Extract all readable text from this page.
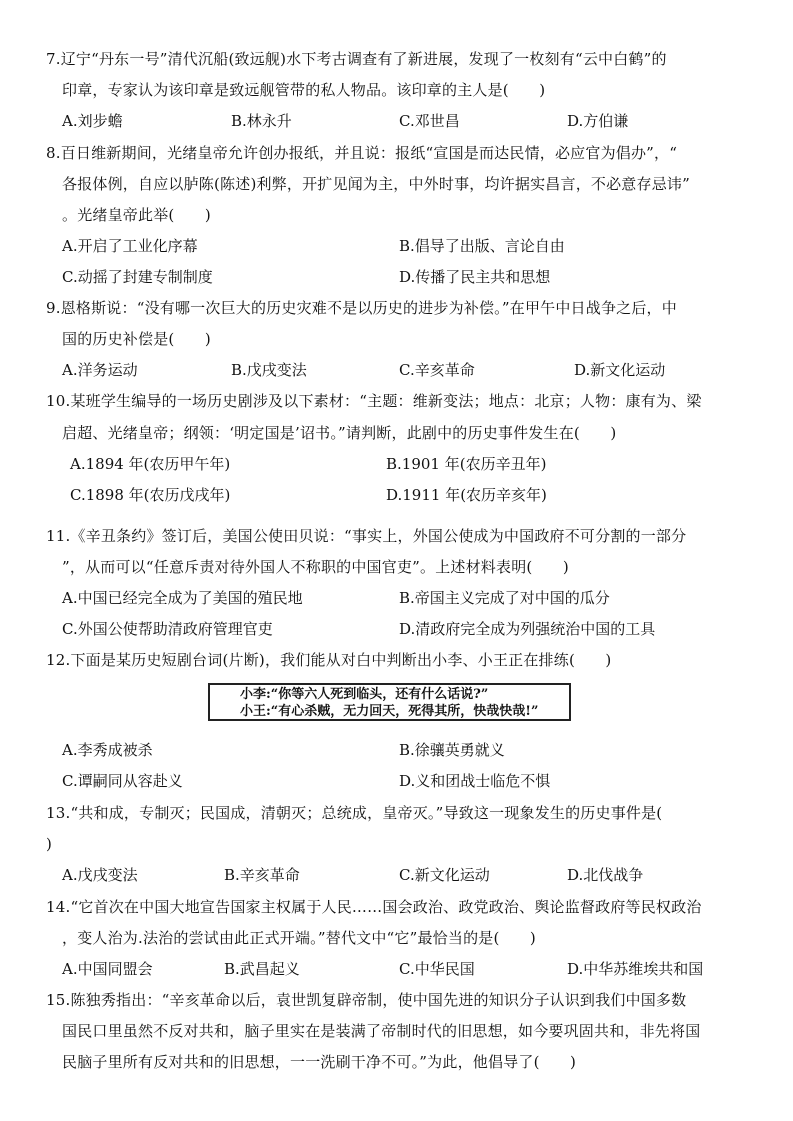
7.辽宁“丹东一号”清代沉船(致远舰)水下考古调查有了新进展，发现了一枚刻有“云中白鹤”的
印章，专家认为该印章是致远舰管带的私人物品。该印章的主人是(　　)
A.刘步蟾	B.林永升	C.邓世昌	D.方伯谦
8.百日维新期间，光绪皇帝允许创办报纸，并且说：报纸“宣国是而达民情，必应官为倡办”，“
各报体例，自应以胪陈(陈述)利弊，开扩见闻为主，中外时事，均许据实昌言，不必意存忌讳”
。光绪皇帝此举(　　)
A.开启了工业化序幕	B.倡导了出版、言论自由
C.动摇了封建专制制度	D.传播了民主共和思想
9.恩格斯说：“没有哪一次巨大的历史灾难不是以历史的进步为补偿。”在甲午中日战争之后，中
国的历史补偿是(　　)
A.洋务运动	B.戊戌变法	C.辛亥革命	D.新文化运动
10.某班学生编导的一场历史剧涉及以下素材：“主题：维新变法；地点：北京；人物：康有为、梁
启超、光绪皇帝；纲领：‘明定国是’诏书。”请判断，此剧中的历史事件发生在(　　)
A.1894 年(农历甲午年)	B.1901 年(农历辛丑年)
C.1898 年(农历戊戌年)	D.1911 年(农历辛亥年)
11.《辛丑条约》签订后，美国公使田贝说：“事实上，外国公使成为中国政府不可分割的一部分
”，从而可以“任意斥责对待外国人不称职的中国官吏”。上述材料表明(　　)
A.中国已经完全成为了美国的殖民地	B.帝国主义完成了对中国的瓜分
C.外国公使帮助清政府管理官吏	D.清政府完全成为列强统治中国的工具
12.下面是某历史短剧台词(片断)，我们能从对白中判断出小李、小王正在排练(　　)
小李:“你等六人死到临头，还有什么话说?”
小王:“有心杀贼，无力回天，死得其所，快哉快哉!”
A.李秀成被杀	B.徐骧英勇就义
C.谭嗣同从容赴义	D.义和团战士临危不惧
13.“共和成，专制灭；民国成，清朝灭；总统成，皇帝灭。”导致这一现象发生的历史事件是(
)
A.戊戌变法	B.辛亥革命	C.新文化运动	D.北伐战争
14.“它首次在中国大地宣告国家主权属于人民……国会政治、政党政治、舆论监督政府等民权政治
，变人治为.法治的尝试由此正式开端。”替代文中“它”最恰当的是(　　)
A.中国同盟会	B.武昌起义	C.中华民国	D.中华苏维埃共和国
15.陈独秀指出：“辛亥革命以后，袁世凯复辟帝制，使中国先进的知识分子认识到我们中国多数
国民口里虽然不反对共和，脑子里实在是装满了帝制时代的旧思想，如今要巩固共和，非先将国
民脑子里所有反对共和的旧思想，一一洗刷干净不可。”为此，他倡导了(　　)
